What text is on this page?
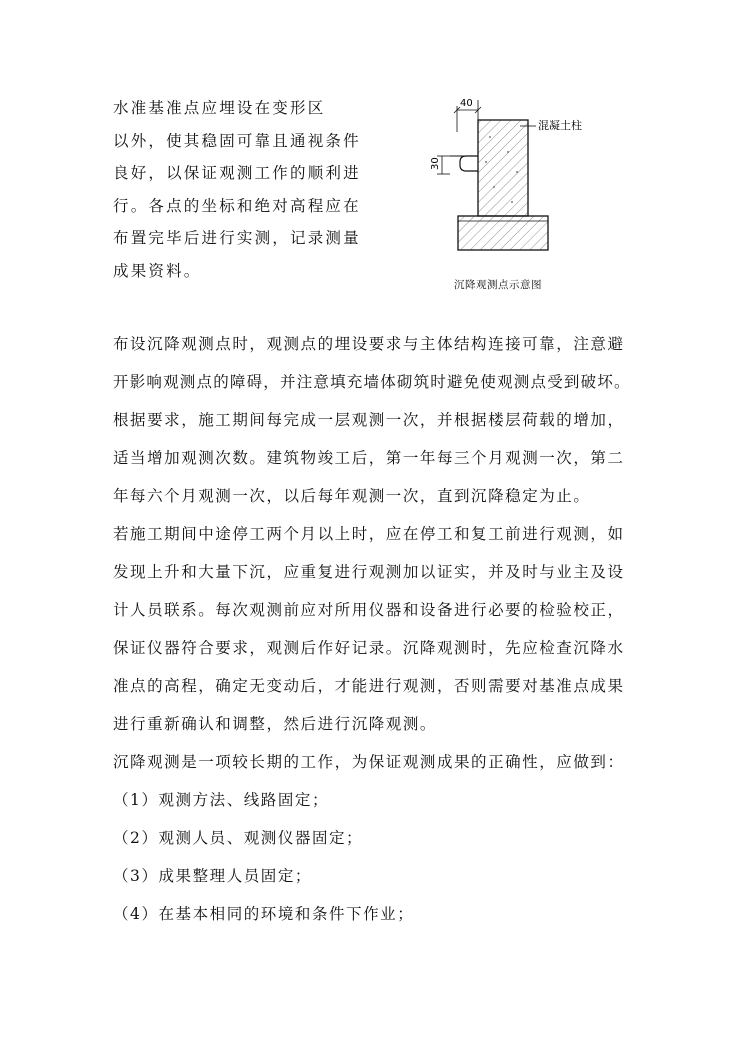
水准基准点应埋设在变形区
以外，使其稳固可靠且通视条件
良好，以保证观测工作的顺利进
行。各点的坐标和绝对高程应在
布置完毕后进行实测，记录测量
成果资料。
40
30
混凝土柱
沉降观测点示意图
布设沉降观测点时，观测点的埋设要求与主体结构连接可靠，注意避
开影响观测点的障碍，并注意填充墙体砌筑时避免使观测点受到破坏。
根据要求，施工期间每完成一层观测一次，并根据楼层荷载的增加，
适当增加观测次数。建筑物竣工后，第一年每三个月观测一次，第二
年每六个月观测一次，以后每年观测一次，直到沉降稳定为止。
若施工期间中途停工两个月以上时，应在停工和复工前进行观测，如
发现上升和大量下沉，应重复进行观测加以证实，并及时与业主及设
计人员联系。每次观测前应对所用仪器和设备进行必要的检验校正，
保证仪器符合要求，观测后作好记录。沉降观测时，先应检查沉降水
准点的高程，确定无变动后，才能进行观测，否则需要对基准点成果
进行重新确认和调整，然后进行沉降观测。
沉降观测是一项较长期的工作，为保证观测成果的正确性，应做到：
（1）观测方法、线路固定；
（2）观测人员、观测仪器固定；
（3）成果整理人员固定；
（4）在基本相同的环境和条件下作业；
